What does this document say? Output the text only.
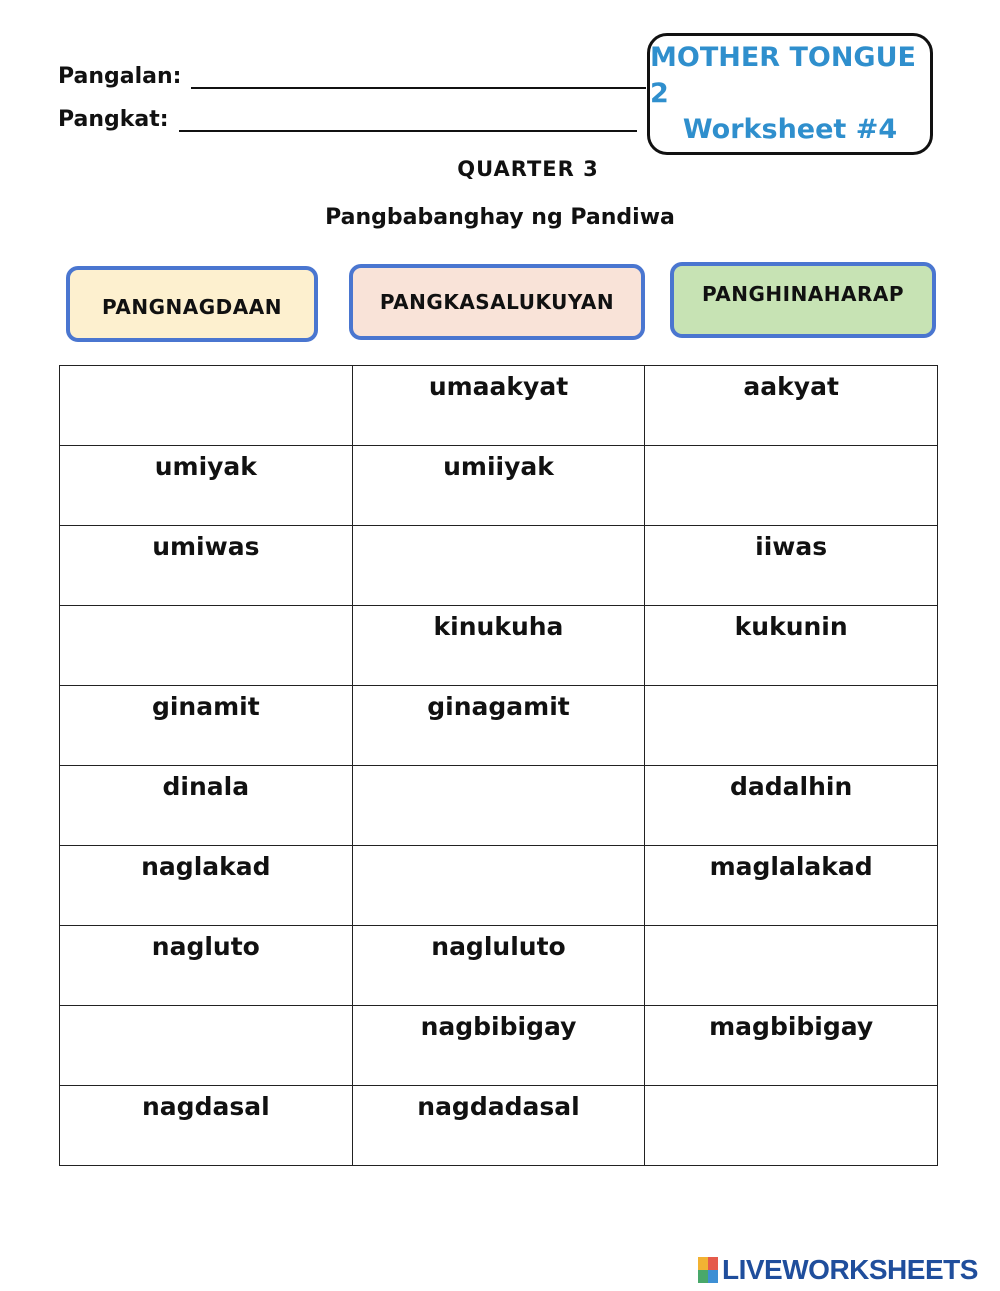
Pangalan:
Pangkat:
MOTHER TONGUE 2
Worksheet #4
QUARTER 3
Pangbabanghay ng Pandiwa
PANGNAGDAAN	PANGKASALUKUYAN	PANGHINAHARAP
	umaakyat	aakyat
umiyak	umiiyak	
umiwas		iiwas
	kinukuha	kukunin
ginamit	ginagamit	
dinala		dadalhin
naglakad		maglalakad
nagluto	nagluluto	
	nagbibigay	magbibigay
nagdasal	nagdadasal	
LIVEWORKSHEETS
